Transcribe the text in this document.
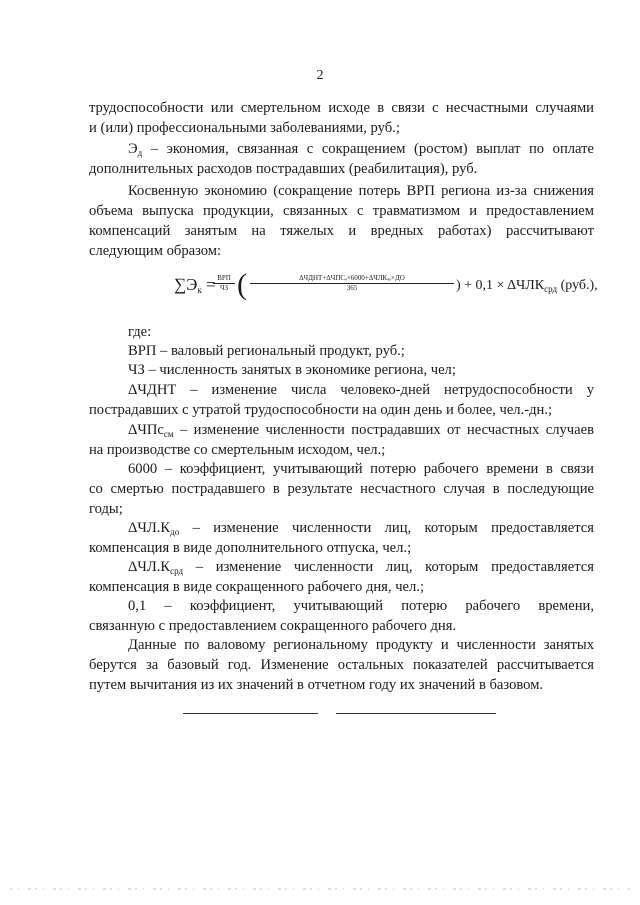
2
трудоспособности или смертельном исходе в связи с несчастными случаями
и (или) профессиональными заболеваниями, руб.;
$Э_д$ – экономия, связанная с сокращением (ростом) выплат по оплате
дополнительных расходов пострадавших (реабилитация), руб.
Косвенную экономию (сокращение потерь ВРП региона из-за снижения
объема выпуска продукции, связанных с травматизмом и предоставлением
компенсаций занятым на тяжелых и вредных работах) рассчитывают
следующим образом:
$\sum Э_к$ = ВРП
ЧЗ (	ΔЧДНТ+ΔЧПСₔ×6000+ΔЧЛКₔₒ×ДО
365	) + $0,1 \times \Delta ЧЛК_{срд}$ (руб.),
где:
ВРП – валовый региональный продукт, руб.;
ЧЗ – численность занятых в экономике региона, чел;
ΔЧДНТ – изменение числа человеко-дней нетрудоспособности у
пострадавших с утратой трудоспособности на один день и более, чел.-дн.;
ΔЧПс$_{см}$ – изменение численности пострадавших от несчастных случаев
на производстве со смертельным исходом, чел.;
6000 – коэффициент, учитывающий потерю рабочего времени в связи
со смертью пострадавшего в результате несчастного случая в последующие
годы;
$\Delta ЧЛ.К_{до}$ – изменение численности лиц, которым предоставляется
компенсация в виде дополнительного отпуска, чел.;
$\Delta ЧЛ.К_{срд}$ – изменение численности лиц, которым предоставляется
компенсация в виде сокращенного рабочего дня, чел.;
0,1 – коэффициент, учитывающий потерю рабочего времени,
связанную с предоставлением сокращенного рабочего дня.
Данные по валовому региональному продукту и численности занятых
берутся за базовый год. Изменение остальных показателей рассчитывается
путем вычитания из их значений в отчетном году их значений в базовом.
